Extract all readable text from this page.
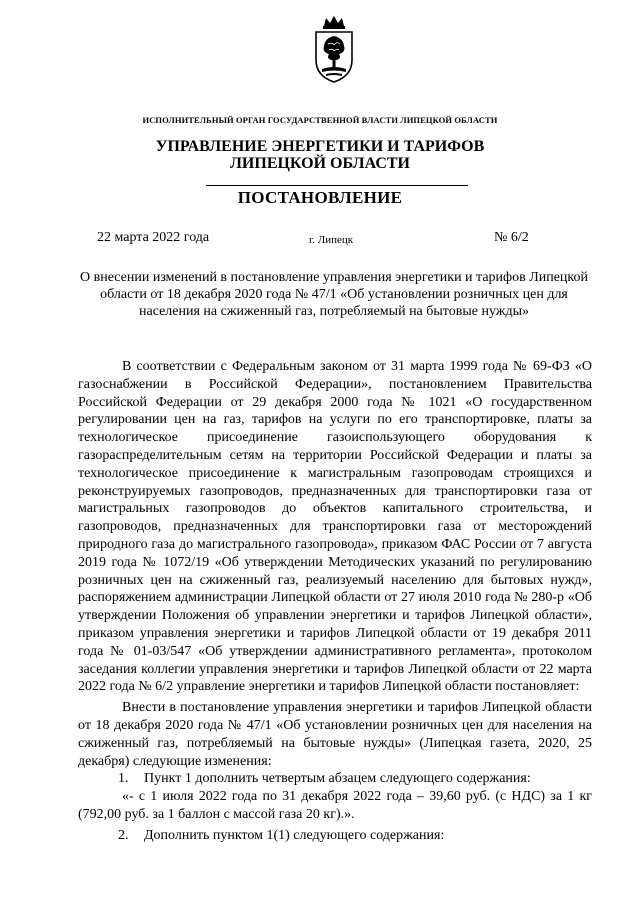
ИСПОЛНИТЕЛЬНЫЙ ОРГАН ГОСУДАРСТВЕННОЙ ВЛАСТИ ЛИПЕЦКОЙ ОБЛАСТИ
УПРАВЛЕНИЕ ЭНЕРГЕТИКИ И ТАРИФОВ
ЛИПЕЦКОЙ ОБЛАСТИ
ПОСТАНОВЛЕНИЕ
22 марта 2022 года	г. Липецк	№ 6/2
О внесении изменений в постановление управления энергетики и тарифов Липецкой области от 18 декабря 2020 года № 47/1 «Об установлении розничных цен для населения на сжиженный газ, потребляемый на бытовые нужды»

В соответствии с Федеральным законом от 31 марта 1999 года № 69-ФЗ «О газоснабжении в Российской Федерации», постановлением Правительства Российской Федерации от 29 декабря 2000 года № 1021 «О государственном регулировании цен на газ, тарифов на услуги по его транспортировке, платы за технологическое присоединение газоиспользующего оборудования к газораспределительным сетям на территории Российской Федерации и платы за технологическое присоединение к магистральным газопроводам строящихся и реконструируемых газопроводов, предназначенных для транспортировки газа от магистральных газопроводов до объектов капитального строительства, и газопроводов, предназначенных для транспортировки газа от месторождений природного газа до магистрального газопровода», приказом ФАС России от 7 августа 2019 года № 1072/19 «Об утверждении Методических указаний по регулированию розничных цен на сжиженный газ, реализуемый населению для бытовых нужд», распоряжением администрации Липецкой области от 27 июля 2010 года № 280-р «Об утверждении Положения об управлении энергетики и тарифов Липецкой области», приказом управления энергетики и тарифов Липецкой области от 19 декабря 2011 года № 01-03/547 «Об утверждении административного регламента», протоколом заседания коллегии управления энергетики и тарифов Липецкой области от 22 марта 2022 года № 6/2 управление энергетики и тарифов Липецкой области постановляет:

Внести в постановление управления энергетики и тарифов Липецкой области от 18 декабря 2020 года № 47/1 «Об установлении розничных цен для населения на сжиженный газ, потребляемый на бытовые нужды» (Липецкая газета, 2020, 25 декабря) следующие изменения:

1. Пункт 1 дополнить четвертым абзацем следующего содержания:

«- с 1 июля 2022 года по 31 декабря 2022 года – 39,60 руб. (с НДС) за 1 кг (792,00 руб. за 1 баллон с массой газа 20 кг).».

2. Дополнить пунктом 1(1) следующего содержания:
